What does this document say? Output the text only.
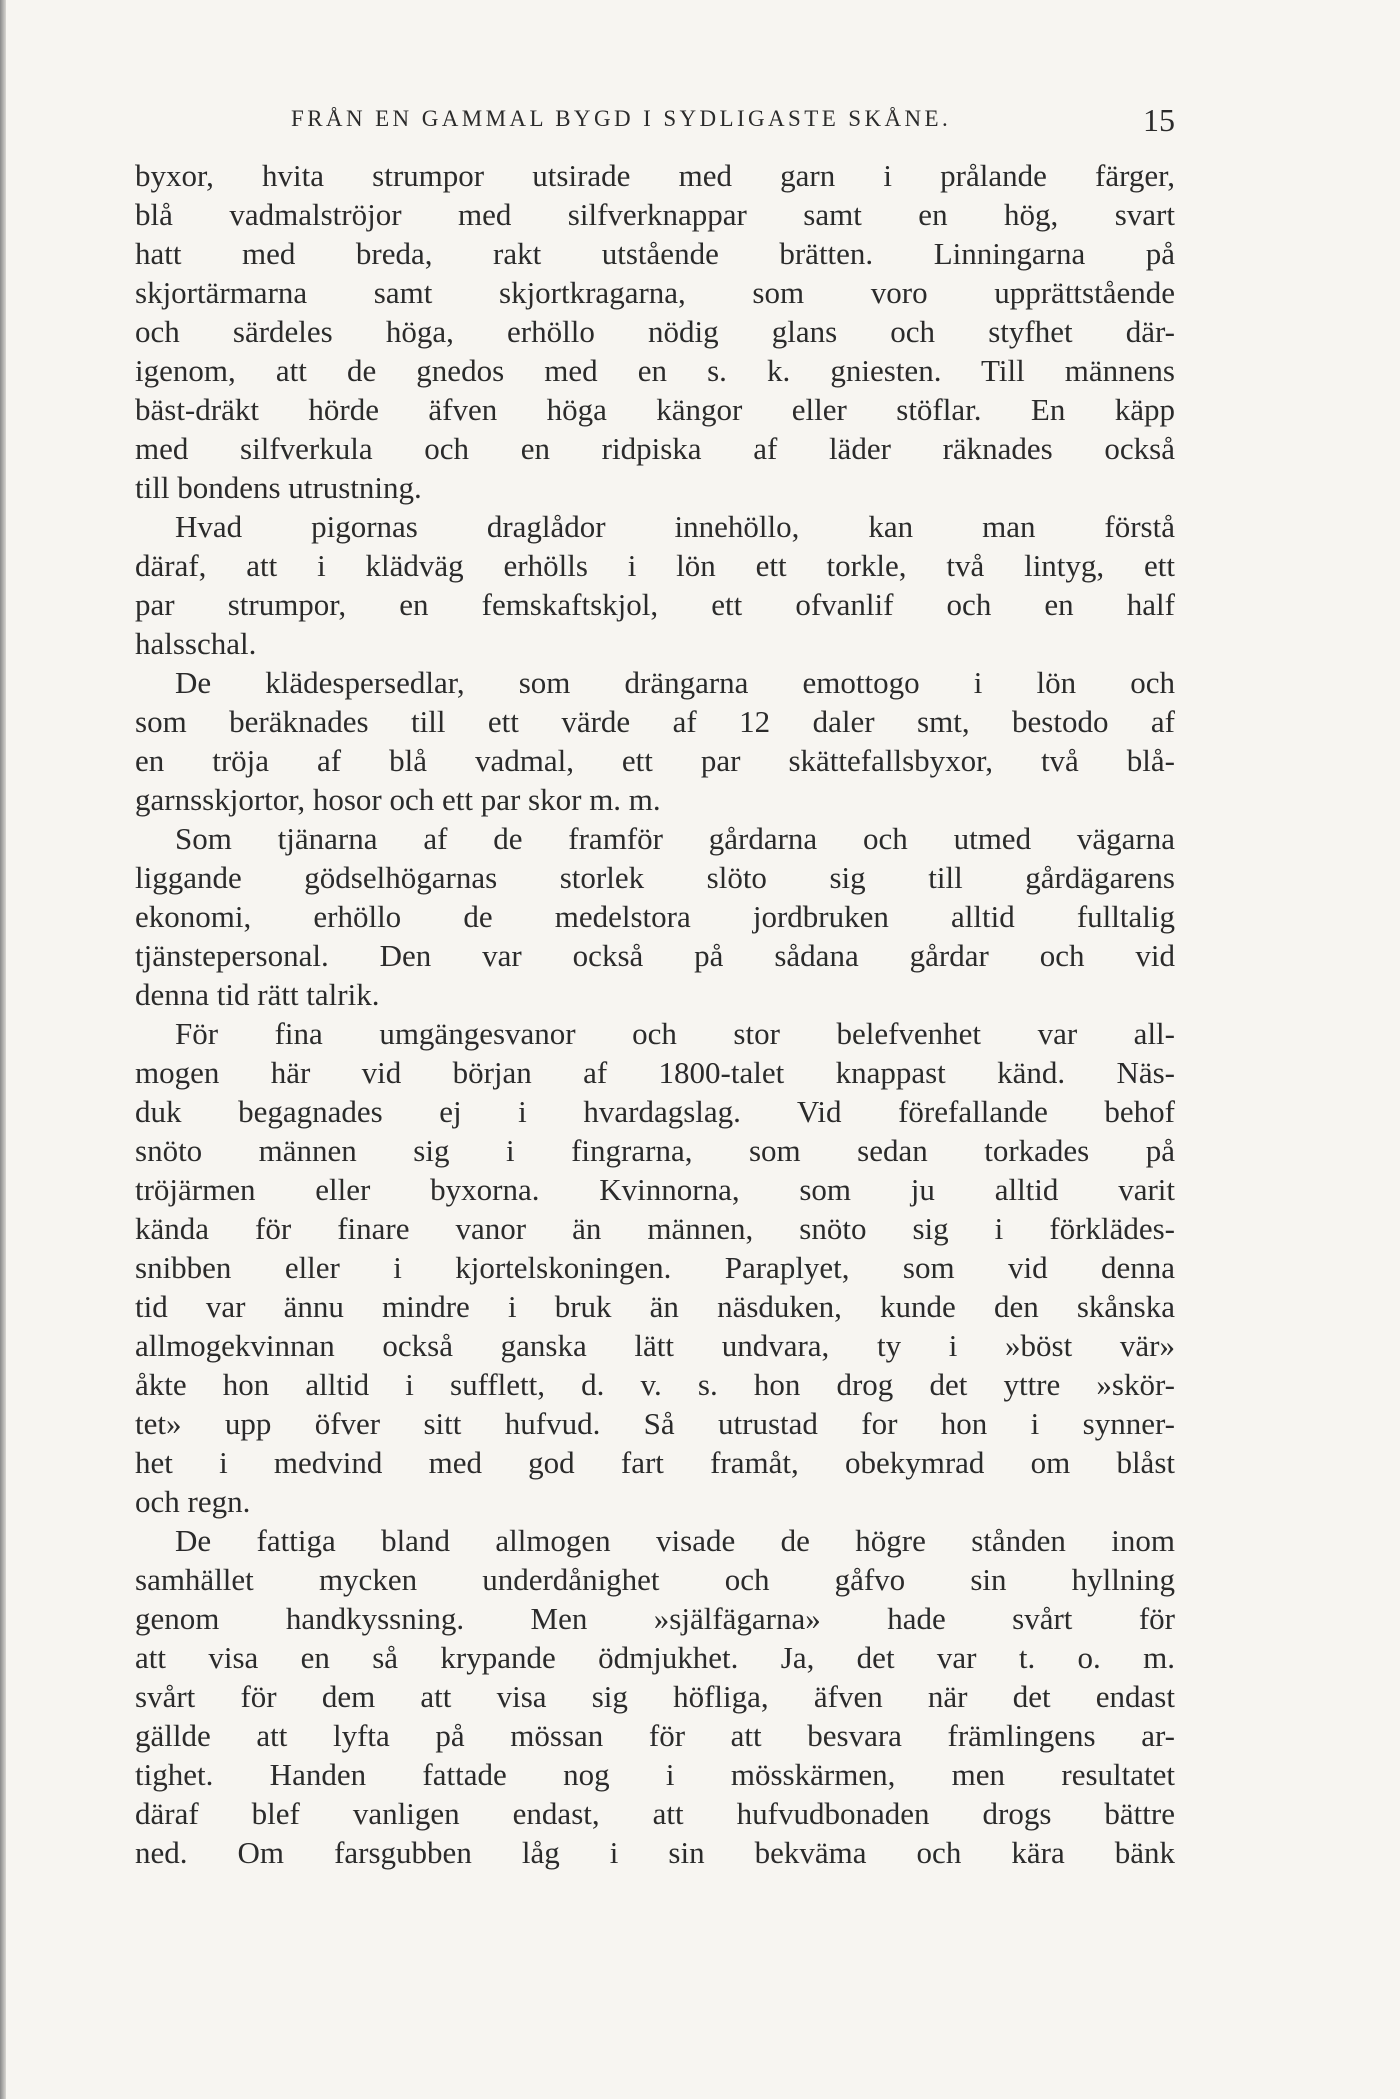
FRÅN EN GAMMAL BYGD I SYDLIGASTE SKÅNE.	15
byxor, hvita strumpor utsirade med garn i prålande färger,
blå vadmalströjor med silfverknappar samt en hög, svart
hatt med breda, rakt utstående brätten. Linningarna på
skjortärmarna samt skjortkragarna, som voro upprättstående
och särdeles höga, erhöllo nödig glans och styfhet där-
igenom, att de gnedos med en s. k. gniesten. Till männens
bäst-dräkt hörde äfven höga kängor eller stöflar. En käpp
med silfverkula och en ridpiska af läder räknades också
till bondens utrustning.
Hvad pigornas draglådor innehöllo, kan man förstå
däraf, att i klädväg erhölls i lön ett torkle, två lintyg, ett
par strumpor, en femskaftskjol, ett ofvanlif och en half
halsschal.
De klädespersedlar, som drängarna emottogo i lön och
som beräknades till ett värde af 12 daler smt, bestodo af
en tröja af blå vadmal, ett par skättefallsbyxor, två blå-
garnsskjortor, hosor och ett par skor m. m.
Som tjänarna af de framför gårdarna och utmed vägarna
liggande gödselhögarnas storlek slöto sig till gårdägarens
ekonomi, erhöllo de medelstora jordbruken alltid fulltalig
tjänstepersonal. Den var också på sådana gårdar och vid
denna tid rätt talrik.
För fina umgängesvanor och stor belefvenhet var all-
mogen här vid början af 1800-talet knappast känd. Näs-
duk begagnades ej i hvardagslag. Vid förefallande behof
snöto männen sig i fingrarna, som sedan torkades på
tröjärmen eller byxorna. Kvinnorna, som ju alltid varit
kända för finare vanor än männen, snöto sig i förklädes-
snibben eller i kjortelskoningen. Paraplyet, som vid denna
tid var ännu mindre i bruk än näsduken, kunde den skånska
allmogekvinnan också ganska lätt undvara, ty i »böst vär»
åkte hon alltid i sufflett, d. v. s. hon drog det yttre »skör-
tet» upp öfver sitt hufvud. Så utrustad for hon i synner-
het i medvind med god fart framåt, obekymrad om blåst
och regn.
De fattiga bland allmogen visade de högre stånden inom
samhället mycken underdånighet och gåfvo sin hyllning
genom handkyssning. Men »själfägarna» hade svårt för
att visa en så krypande ödmjukhet. Ja, det var t. o. m.
svårt för dem att visa sig höfliga, äfven när det endast
gällde att lyfta på mössan för att besvara främlingens ar-
tighet. Handen fattade nog i mösskärmen, men resultatet
däraf blef vanligen endast, att hufvudbonaden drogs bättre
ned. Om farsgubben låg i sin bekväma och kära bänk
